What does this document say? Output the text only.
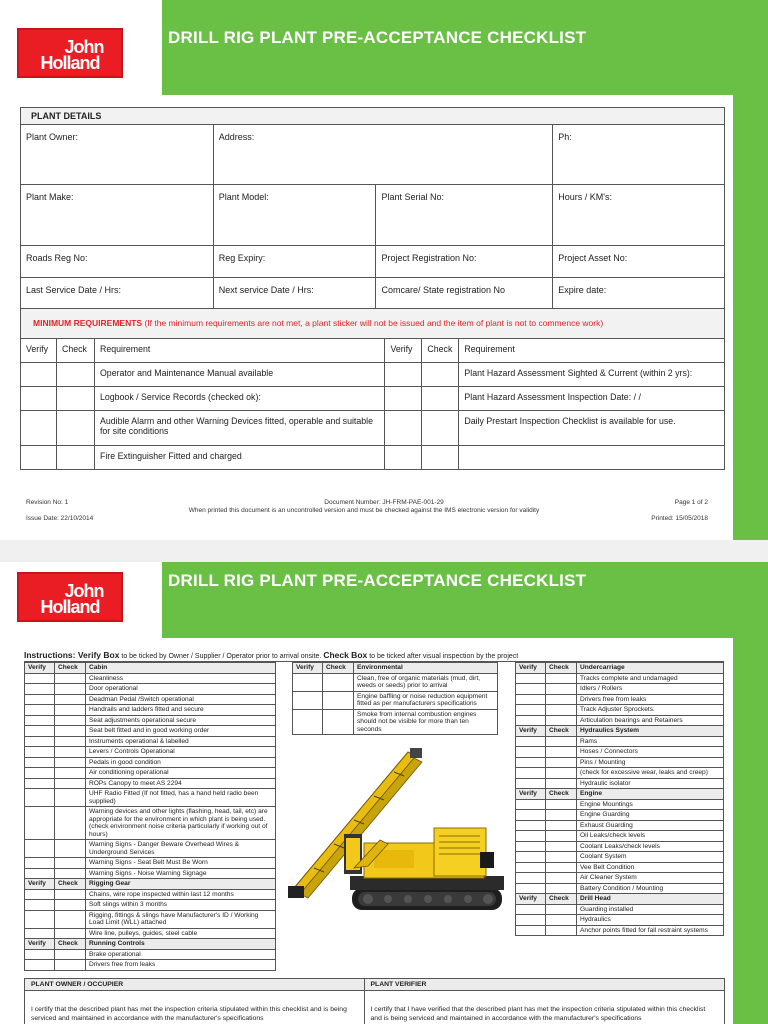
John
Holland
DRILL RIG PLANT PRE-ACCEPTANCE CHECKLIST
PLANT DETAILS			
Plant Owner:	Address:		Ph:
Plant Make:	Plant Model:	Plant Serial No:	Hours / KM's:
Roads Reg No:	Reg Expiry:	Project Registration No:	Project Asset No:
Last Service Date / Hrs:	Next service Date / Hrs:	Comcare/ State registration No	Expire date:
MINIMUM REQUIREMENTS (If the minimum requirements are not met, a plant sticker will not be issued and the item of plant is not to commence work)
Verify	Check	Requirement	Verify	Check	Requirement
		Operator and Maintenance Manual available			Plant Hazard Assessment Sighted & Current (within 2 yrs):
		Logbook / Service Records (checked ok):			Plant Hazard Assessment Inspection Date: / /
		Audible Alarm and other Warning Devices fitted, operable and suitable for site conditions			Daily Prestart Inspection Checklist is available for use.
		Fire Extinguisher Fitted and charged			
Revision No: 1
Issue Date: 22/10/2014
Document Number: JH-FRM-PAE-001-29
When printed this document is an uncontrolled version and must be checked against the IMS electronic version for validity
Page 1 of 2
Printed: 15/05/2018
John
Holland
DRILL RIG PLANT PRE-ACCEPTANCE CHECKLIST
Instructions: Verify Box to be ticked by Owner / Supplier / Operator prior to arrival onsite. Check Box to be ticked after visual inspection by the project
Verify	Check	Cabin
		Cleanliness
		Door operational
		Deadman Pedal /Switch operational
		Handrails and ladders fitted and secure
		Seat adjustments operational secure
		Seat belt fitted and in good working order
		Instruments operational & labelled
		Levers / Controls Operational
		Pedals in good condition
		Air conditioning operational
		ROPs Canopy to meet AS 2294
		UHF Radio Fitted (If not fitted, has a hand held radio been supplied)
		Warning devices and other lights (flashing, head, tail, etc) are appropriate for the environment in which plant is being used. (check environment noise criteria particularly if working out of hours)
		Warning Signs - Danger Beware Overhead Wires & Underground Services
		Warning Signs - Seat Belt Must Be Worn
		Warning Signs - Noise Warning Signage
Verify	Check	Rigging Gear
		Chains, wire rope inspected within last 12 months
		Soft slings within 3 months
		Rigging, fittings & slings have Manufacturer's ID / Working Load Limit (WLL) attached
		Wire line, pulleys, guides, steel cable
Verify	Check	Running Controls
		Brake operational
		Drivers free from leaks
Verify	Check	Environmental
		Clean, free of organic materials (mud, dirt, weeds or seeds) prior to arrival
		Engine baffling or noise reduction equipment fitted as per manufacturers specifications
		Smoke from internal combustion engines should not be visible for more than ten seconds
Verify	Check	Undercarriage
		Tracks complete and undamaged
		Idlers / Rollers
		Drivers free from leaks
		Track Adjuster Sprockets.
		Articulation bearings and Retainers
Verify	Check	Hydraulics System
		Rams
		Hoses / Connectors
		Pins / Mounting
		(check for excessive wear, leaks and creep)
		Hydraulic isolator
Verify	Check	Engine
		Engine Mountings
		Engine Guarding
		Exhaust Guarding
		Oil Leaks/check levels
		Coolant Leaks/check levels
		Coolant System
		Vee Belt Condition
		Air Cleaner System
		Battery Condition / Mounting
Verify	Check	Drill Head
		Guarding installed
		Hydraulics
		Anchor points fitted for fall restraint systems
PLANT OWNER / OCCUPIER	PLANT VERIFIER
I certify that the described plant has met the inspection criteria stipulated within this checklist and is being serviced and maintained in accordance with the manufacturer's specifications	I certify that I have verified that the described plant has met the inspection criteria stipulated within this checklist and is being serviced and maintained in accordance with the manufacturer's specifications
